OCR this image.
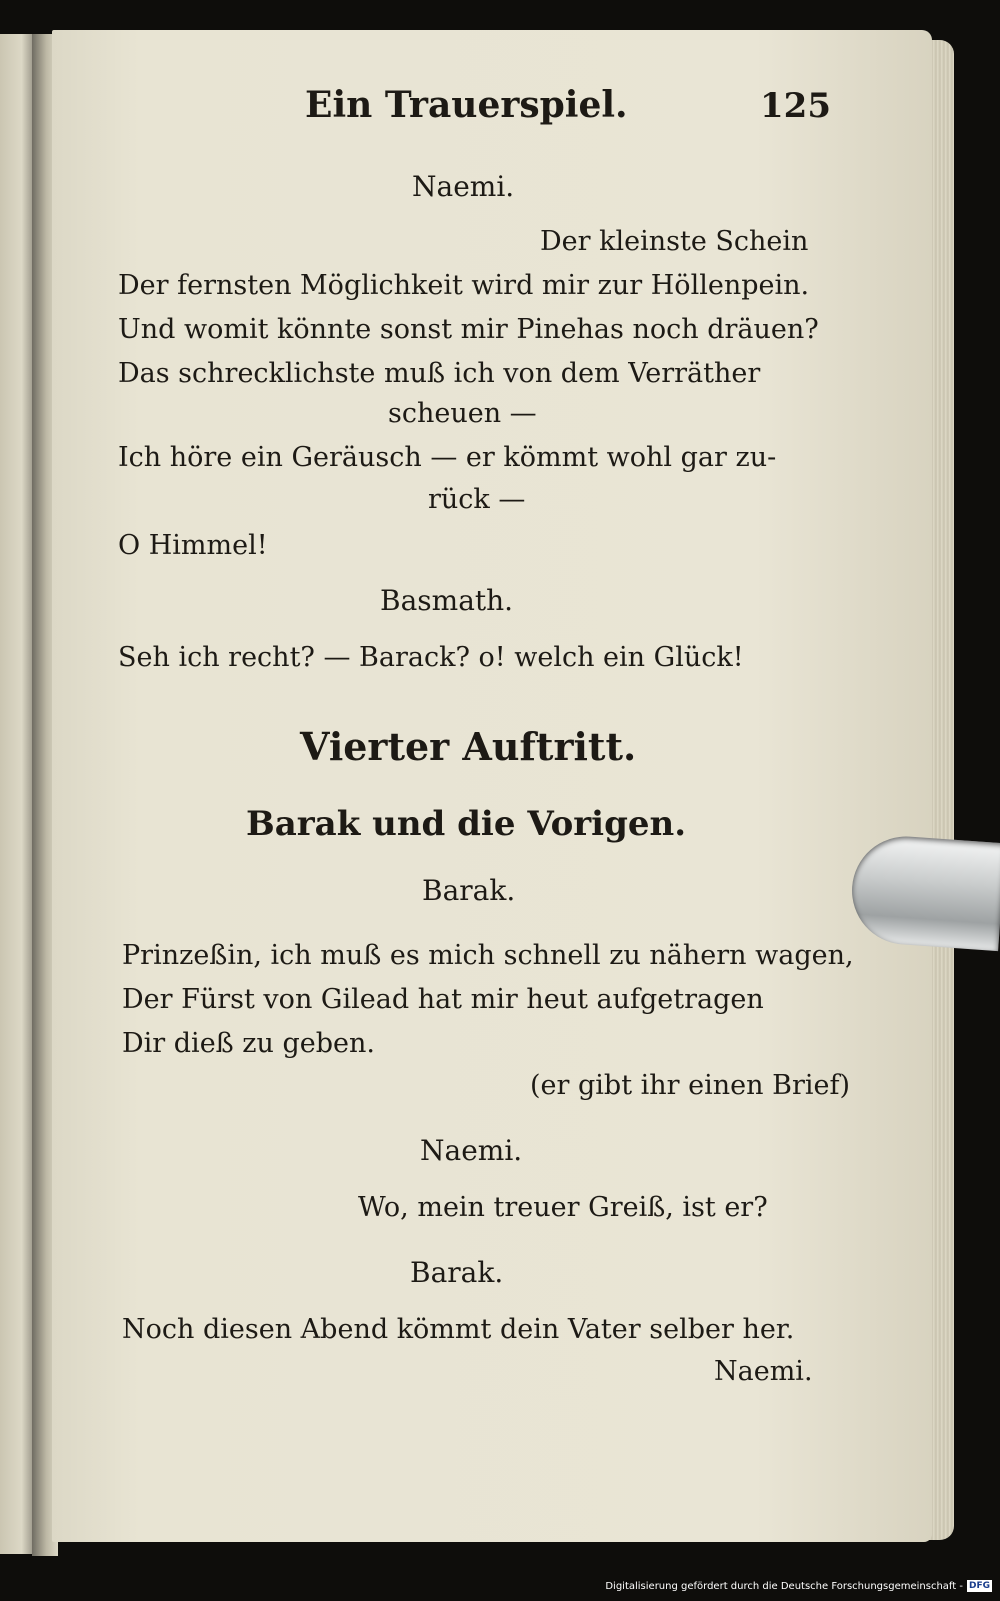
Ein Trauerspiel.	125
Naemi.
Der kleinste Schein
Der fernsten Möglichkeit wird mir zur Höllenpein.
Und womit könnte sonst mir Pinehas noch dräuen?
Das schrecklichste muß ich von dem Verräther
scheuen —
Ich höre ein Geräusch — er kömmt wohl gar zu-
rück —
O Himmel!
Basmath.
Seh ich recht? — Barack? o! welch ein Glück!
Vierter Auftritt.
Barak und die Vorigen.
Barak.
Prinzeßin, ich muß es mich schnell zu nähern wagen,
Der Fürst von Gilead hat mir heut aufgetragen
Dir dieß zu geben.
(er gibt ihr einen Brief)
Naemi.
Wo, mein treuer Greiß, ist er?
Barak.
Noch diesen Abend kömmt dein Vater selber her.
Naemi.
Digitalisierung gefördert durch die Deutsche Forschungsgemeinschaft - DFG
